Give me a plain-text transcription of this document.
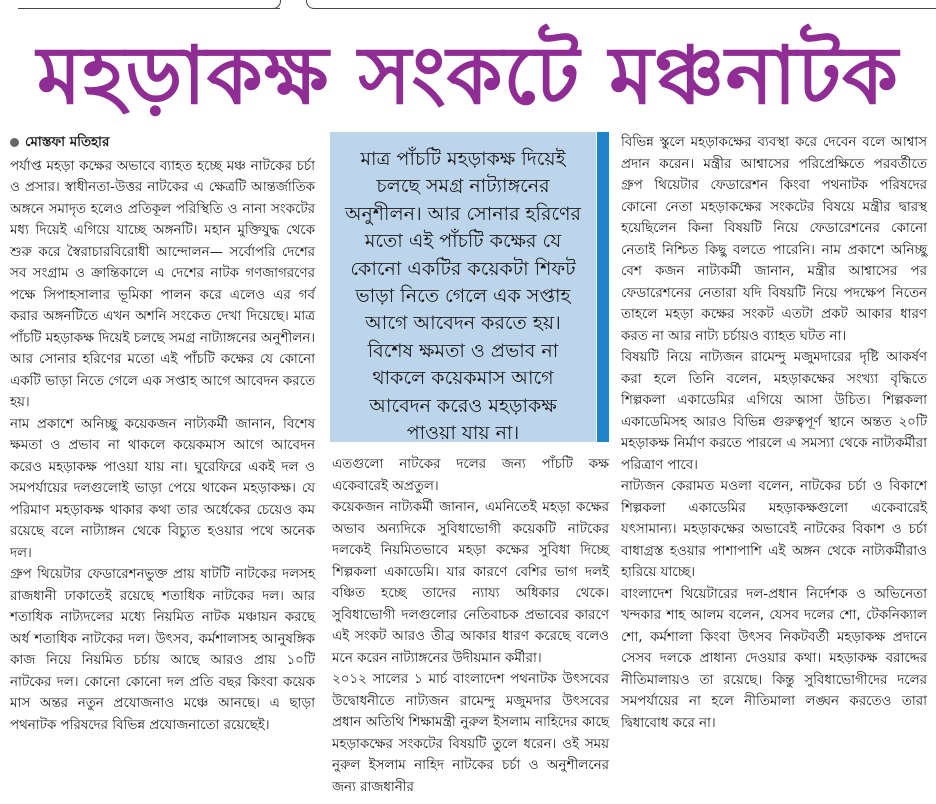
মহড়াকক্ষ সংকটে মঞ্চনাটক
মোস্তফা মতিহার

পর্যাপ্ত মহড়া কক্ষের অভাবে ব্যাহত হচ্ছে মঞ্চ নাটকের চর্চা ও প্রসার। স্বাধীনতা-উত্তর নাটকের এ ক্ষেত্রটি আন্তর্জাতিক অঙ্গনে সমাদৃত হলেও প্রতিকূল পরিস্থিতি ও নানা সংকটের মধ্য দিয়েই এগিয়ে যাচ্ছে অঙ্গনটি। মহান মুক্তিযুদ্ধ থেকে শুরু করে স্বৈরাচারবিরোধী আন্দোলন— সর্বোপরি দেশের সব সংগ্রাম ও ক্রান্তিকালে এ দেশের নাটক গণজাগরণের পক্ষে সিপাহসালার ভূমিকা পালন করে এলেও এর গর্ব করার অঙ্গনটিতে এখন অশনি সংকেত দেখা দিয়েছে। মাত্র পাঁচটি মহড়াকক্ষ দিয়েই চলছে সমগ্র নাট্যাঙ্গনের অনুশীলন। আর সোনার হরিণের মতো এই পাঁচটি কক্ষের যে কোনো একটি ভাড়া নিতে গেলে এক সপ্তাহ আগে আবেদন করতে হয়।

নাম প্রকাশে অনিচ্ছু কয়েকজন নাট্যকর্মী জানান, বিশেষ ক্ষমতা ও প্রভাব না থাকলে কয়েকমাস আগে আবেদন করেও মহড়াকক্ষ পাওয়া যায় না। ঘুরেফিরে একই দল ও সমপর্যায়ের দলগুলোই ভাড়া পেয়ে থাকেন মহড়াকক্ষ। যে পরিমাণ মহড়াকক্ষ থাকার কথা তার অর্ধেকের চেয়েও কম রয়েছে বলে নাট্যাঙ্গন থেকে বিচ্যুত হওয়ার পথে অনেক দল।

গ্রুপ থিয়েটার ফেডারেশনভুক্ত প্রায় ষাটটি নাটকের দলসহ রাজধানী ঢাকাতেই রয়েছে শতাধিক নাটকের দল। আর শতাধিক নাট্যদলের মধ্যে নিয়মিত নাটক মঞ্চায়ন করছে অর্ধ শতাধিক নাটকের দল। উৎসব, কর্মশালাসহ আনুষঙ্গিক কাজ নিয়ে নিয়মিত চর্চায় আছে আরও প্রায় ১০টি নাটকের দল। কোনো কোনো দল প্রতি বছর কিংবা কয়েক মাস অন্তর নতুন প্রযোজনাও মঞ্চে আনছে। এ ছাড়া পথনাটক পরিষদের বিভিন্ন প্রযোজনাতো রয়েছেই।

মাত্র পাঁচটি মহড়াকক্ষ দিয়েই চলছে সমগ্র নাট্যাঙ্গনের অনুশীলন। আর সোনার হরিণের মতো এই পাঁচটি কক্ষের যে কোনো একটির কয়েকটা শিফট ভাড়া নিতে গেলে এক সপ্তাহ আগে আবেদন করতে হয়। বিশেষ ক্ষমতা ও প্রভাব না থাকলে কয়েকমাস আগে আবেদন করেও মহড়াকক্ষ পাওয়া যায় না।

এতগুলো নাটকের দলের জন্য পাঁচটি কক্ষ একেবারেই অপ্রতুল।

কয়েকজন নাট্যকর্মী জানান, এমনিতেই মহড়া কক্ষের অভাব অন্যদিকে সুবিধাভোগী কয়েকটি নাটকের দলকেই নিয়মিতভাবে মহড়া কক্ষের সুবিধা দিচ্ছে শিল্পকলা একাডেমি। যার কারণে বেশির ভাগ দলই বঞ্চিত হচ্ছে তাদের ন্যায্য অধিকার থেকে। সুবিধাভোগী দলগুলোর নেতিবাচক প্রভাবের কারণে এই সংকট আরও তীব্র আকার ধারণ করেছে বলেও মনে করেন নাট্যাঙ্গনের উদীয়মান কর্মীরা।

২০১২ সালের ১ মার্চ বাংলাদেশ পথনাটক উৎসবের উদ্বোধনীতে নাট্যজন রামেন্দু মজুমদার উৎসবের প্রধান অতিথি শিক্ষামন্ত্রী নুরুল ইসলাম নাহিদের কাছে মহড়াকক্ষের সংকটের বিষয়টি তুলে ধরেন। ওই সময় নুরুল ইসলাম নাহিদ নাটকের চর্চা ও অনুশীলনের জন্য রাজধানীর

বিভিন্ন স্কুলে মহড়াকক্ষের ব্যবস্থা করে দেবেন বলে আশ্বাস প্রদান করেন। মন্ত্রীর আশ্বাসের পরিপ্রেক্ষিতে পরবর্তীতে গ্রুপ থিয়েটার ফেডারেশন কিংবা পথনাটক পরিষদের কোনো নেতা মহড়াকক্ষের সংকটের বিষয়ে মন্ত্রীর দ্বারস্থ হয়েছিলেন কিনা বিষয়টি নিয়ে ফেডারেশনের কোনো নেতাই নিশ্চিত কিছু বলতে পারেনি। নাম প্রকাশে অনিচ্ছু বেশ কজন নাট্যকর্মী জানান, মন্ত্রীর আশ্বাসের পর ফেডারেশনের নেতারা যদি বিষয়টি নিয়ে পদক্ষেপ নিতেন তাহলে মহড়া কক্ষের সংকট এতটা প্রকট আকার ধারণ করত না আর নাট্য চর্চায়ও ব্যাহত ঘটত না।

বিষয়টি নিয়ে নাট্যজন রামেন্দু মজুমদারের দৃষ্টি আকর্ষণ করা হলে তিনি বলেন, মহড়াকক্ষের সংখ্যা বৃদ্ধিতে শিল্পকলা একাডেমির এগিয়ে আসা উচিত। শিল্পকলা একাডেমিসহ আরও বিভিন্ন গুরুত্বপূর্ণ স্থানে অন্তত ২০টি মহড়াকক্ষ নির্মাণ করতে পারলে এ সমস্যা থেকে নাট্যকর্মীরা পরিত্রাণ পাবে।

নাট্যজন কেরামত মওলা বলেন, নাটকের চর্চা ও বিকাশে শিল্পকলা একাডেমির মহড়াকক্ষগুলো একেবারেই যৎসামান্য। মহড়াকক্ষের অভাবেই নাটকের বিকাশ ও চর্চা বাধাগ্রস্ত হওয়ার পাশাপাশি এই অঙ্গন থেকে নাট্যকর্মীরাও হারিয়ে যাচ্ছে।

বাংলাদেশ থিয়েটারের দল-প্রধান নির্দেশক ও অভিনেতা খন্দকার শাহ আলম বলেন, যেসব দলের শো, টেকনিক্যাল শো, কর্মশালা কিংবা উৎসব নিকটবর্তী মহড়াকক্ষ প্রদানে সেসব দলকে প্রাধান্য দেওয়ার কথা। মহড়াকক্ষ বরাদ্দের নীতিমালায়ও তা রয়েছে। কিন্তু সুবিধাভোগীদের দলের সমপর্যায়ের না হলে নীতিমালা লঙ্ঘন করতেও তারা দ্বিধাবোধ করে না।
